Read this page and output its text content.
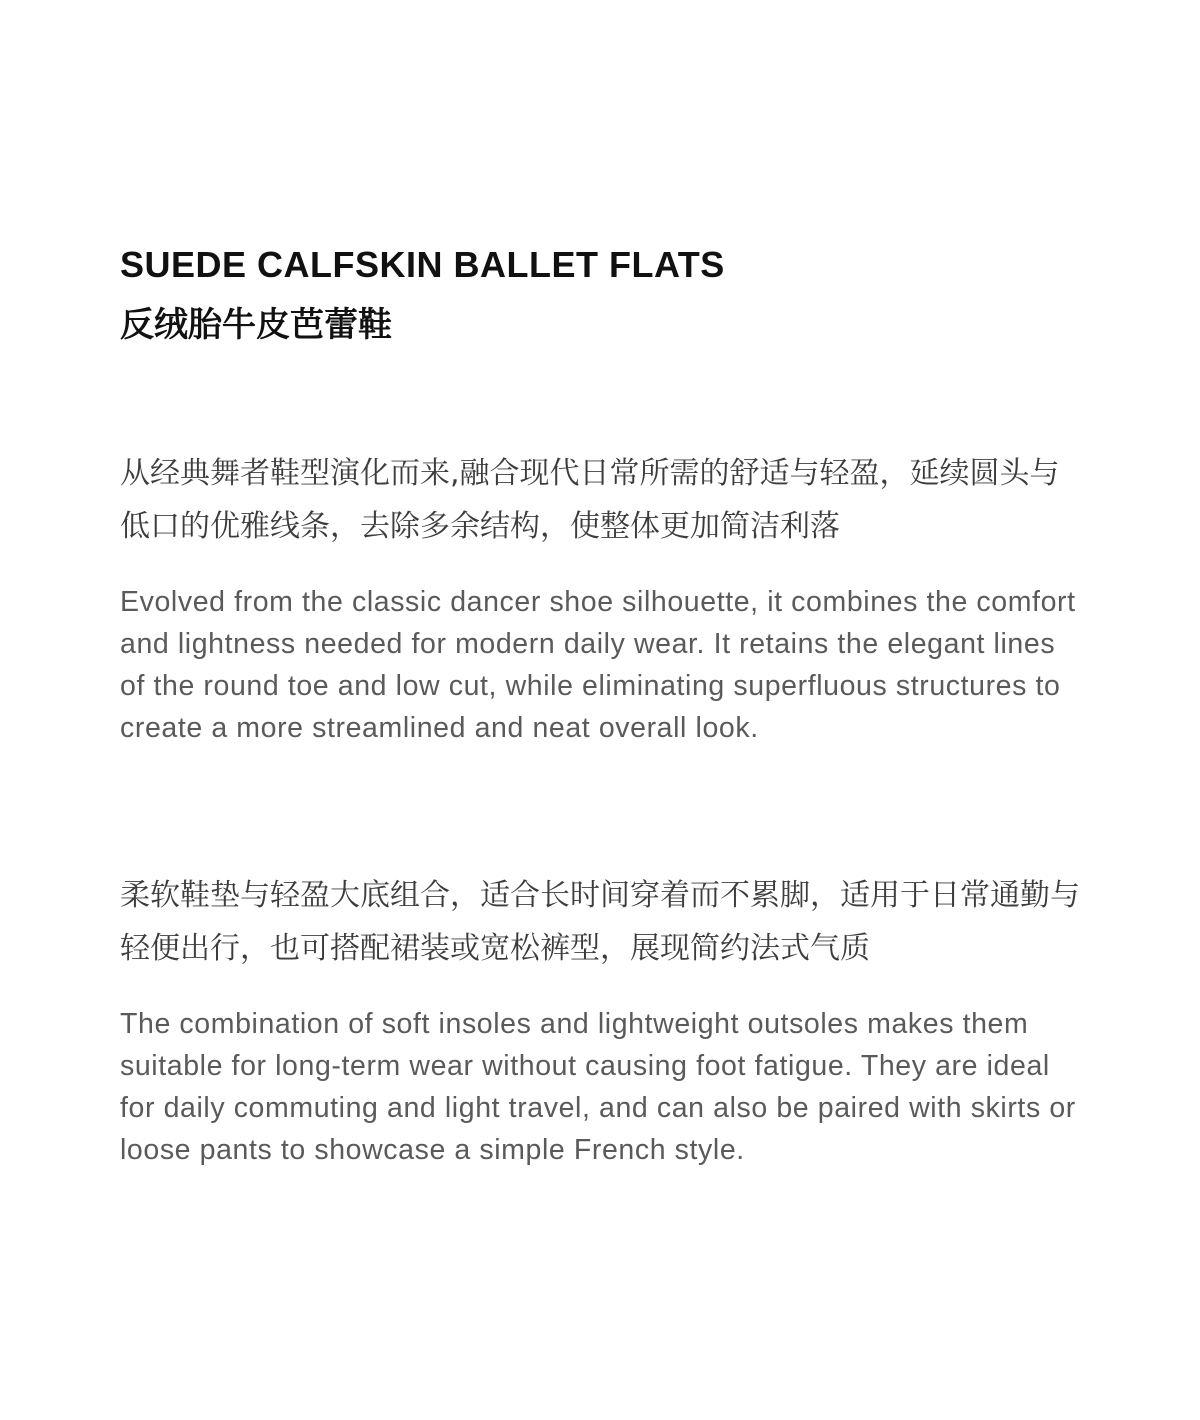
SUEDE CALFSKIN BALLET FLATS
反绒胎牛皮芭蕾鞋

从经典舞者鞋型演化而来,融合现代日常所需的舒适与轻盈，延续圆头与低口的优雅线条，去除多余结构，使整体更加简洁利落

Evolved from the classic dancer shoe silhouette, it combines the comfort and lightness needed for modern daily wear. It retains the elegant lines of the round toe and low cut, while eliminating superfluous structures to create a more streamlined and neat overall look.

柔软鞋垫与轻盈大底组合，适合长时间穿着而不累脚，适用于日常通勤与轻便出行，也可搭配裙装或宽松裤型，展现简约法式气质

The combination of soft insoles and lightweight outsoles makes them suitable for long-term wear without causing foot fatigue. They are ideal for daily commuting and light travel, and can also be paired with skirts or loose pants to showcase a simple French style.
